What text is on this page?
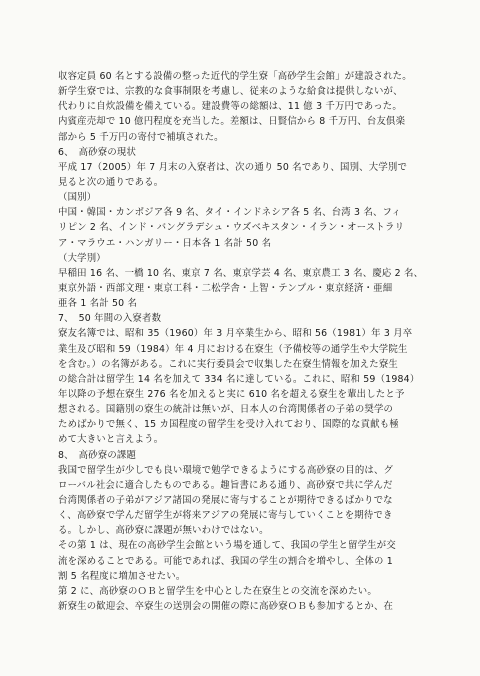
収容定員 60 名とする設備の整った近代的学生寮「高砂学生会館」が建設された。
新学生寮では、宗教的な食事制限を考慮し、従来のような給食は提供しないが、
代わりに自炊設備を備えている。建設費等の総額は、11 億 3 千万円であった。
内賓産売却で 10 億円程度を充当した。差額は、日賢信から 8 千万円、台友俱楽
部から 5 千万円の寄付で補填された。
6、　高砂寮の現状
平成 17（2005）年 7 月末の入寮者は、次の通り 50 名であり、国別、大学別で
見ると次の通りである。
（国別）
中国・韓国・カンボジア各 9 名、タイ・インドネシア各 5 名、台湾 3 名、フィ
リピン 2 名、インド・バングラデシュ・ウズベキスタン・イラン・オーストラリ
ア・マラウエ・ハンガリー・日本各 1 名計 50 名
（大学別）
早稲田 16 名、一橋 10 名、東京 7 名、東京学芸 4 名、東京農工 3 名、慶応 2 名、
東京外語・西部文理・東京工科・二松学舎・上智・テンプル・東京経済・亜細
亜各 1 名計 50 名
7、　50 年間の入寮者数
寮友名簿では、昭和 35（1960）年 3 月卒業生から、昭和 56（1981）年 3 月卒
業生及び昭和 59（1984）年 4 月における在寮生（予備校等の通学生や大学院生
を含む。）の名簿がある。これに実行委員会で収集した在寮生情報を加えた寮生
の総合計は留学生 14 名を加えて 334 名に達している。これに、昭和 59（1984）
年以降の予想在寮生 276 名を加えると実に 610 名を超える寮生を輩出したと予
想される。国籍別の寮生の統計は無いが、日本人の台湾関係者の子弟の奨学の
ためばかりで無く、15 カ国程度の留学生を受け入れており、国際的な貢献も極
めて大きいと言えよう。
8、　高砂寮の課題
我国で留学生が少しでも良い環境で勉学できるようにする高砂寮の目的は、グ
ローバル社会に適合したものである。趣旨書にある通り、高砂寮で共に学んだ
台湾関係者の子弟がアジア諸国の発展に寄与することが期待できるばかりでな
く、高砂寮で学んだ留学生が将来アジアの発展に寄与していくことを期待でき
る。しかし、高砂寮に課題が無いわけではない。
その第 1 は、現在の高砂学生会館という場を通して、我国の学生と留学生が交
流を深めることである。可能であれば、我国の学生の割合を増やし、全体の 1
割 5 名程度に増加させたい。
第 2 に、高砂寮のＯＢと留学生を中心とした在寮生との交流を深めたい。
新寮生の歓迎会、卒寮生の送別会の開催の際に高砂寮ＯＢも参加するとか、在
